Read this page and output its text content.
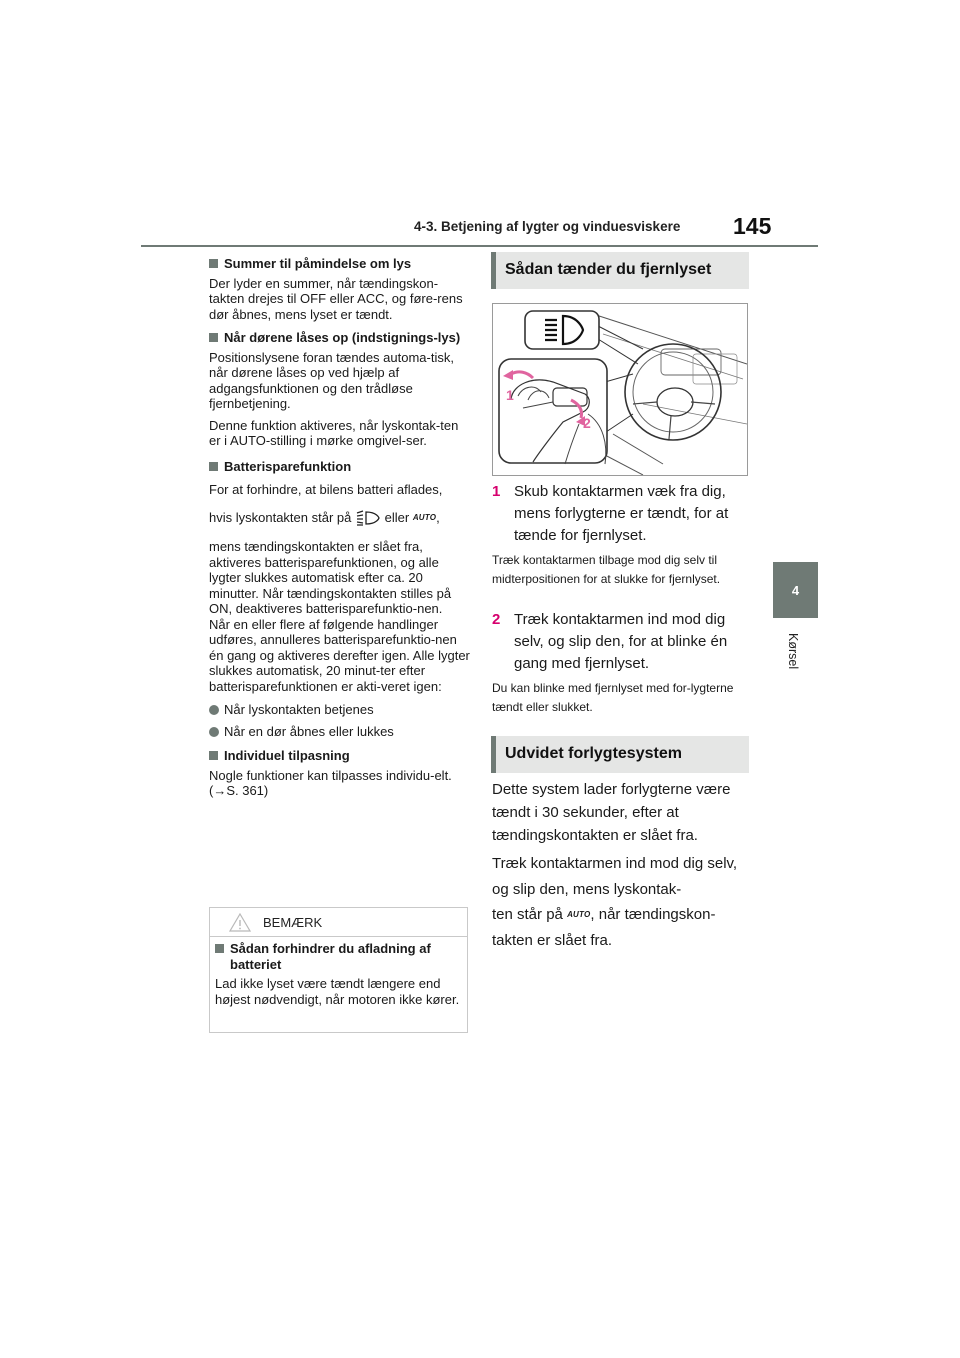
4-3. Betjening af lygter og vinduesviskere 145
4
Kørsel
Summer til påmindelse om lys

Der lyder en summer, når tændingskon-takten drejes til OFF eller ACC, og føre-rens dør åbnes, mens lyset er tændt.

Når dørene låses op (indstignings-lys)

Positionslysene foran tændes automa-tisk, når dørene låses op ved hjælp af adgangsfunktionen og den trådløse fjernbetjening.

Denne funktion aktiveres, når lyskontak-ten er i AUTO-stilling i mørke omgivel-ser.

Batterisparefunktion

For at forhindre, at bilens batteri aflades,

hvis lyskontakten står på	eller AUTO,

mens tændingskontakten er slået fra, aktiveres batterisparefunktionen, og alle lygter slukkes automatisk efter ca. 20 minutter. Når tændingskontakten stilles på ON, deaktiveres batterisparefunktio-nen.

Når en eller flere af følgende handlinger udføres, annulleres batterisparefunktio-nen én gang og aktiveres derefter igen. Alle lygter slukkes automatisk, 20 minut-ter efter batterisparefunktionen er akti-veret igen:

Når lyskontakten betjenes
Når en dør åbnes eller lukkes
Individuel tilpasning

Nogle funktioner kan tilpasses individu-elt. (→S. 361)

BEMÆRK
Sådan forhindrer du afladning af batteriet

Lad ikke lyset være tændt længere end højest nødvendigt, når motoren ikke kører.

Sådan tænder du fjernlyset
1
2
1 Skub kontaktarmen væk fra dig, mens forlygterne er tændt, for at tænde for fjernlyset.

Træk kontaktarmen tilbage mod dig selv til midterpositionen for at slukke for fjernlyset.

2 Træk kontaktarmen ind mod dig selv, og slip den, for at blinke én gang med fjernlyset.

Du kan blinke med fjernlyset med for-lygterne tændt eller slukket.

Udvidet forlygtesystem
Dette system lader forlygterne være tændt i 30 sekunder, efter at tændingskontakten er slået fra.
Træk kontaktarmen ind mod dig selv, og slip den, mens lyskontak-
ten står på AUTO, når tændingskon-
takten er slået fra.
